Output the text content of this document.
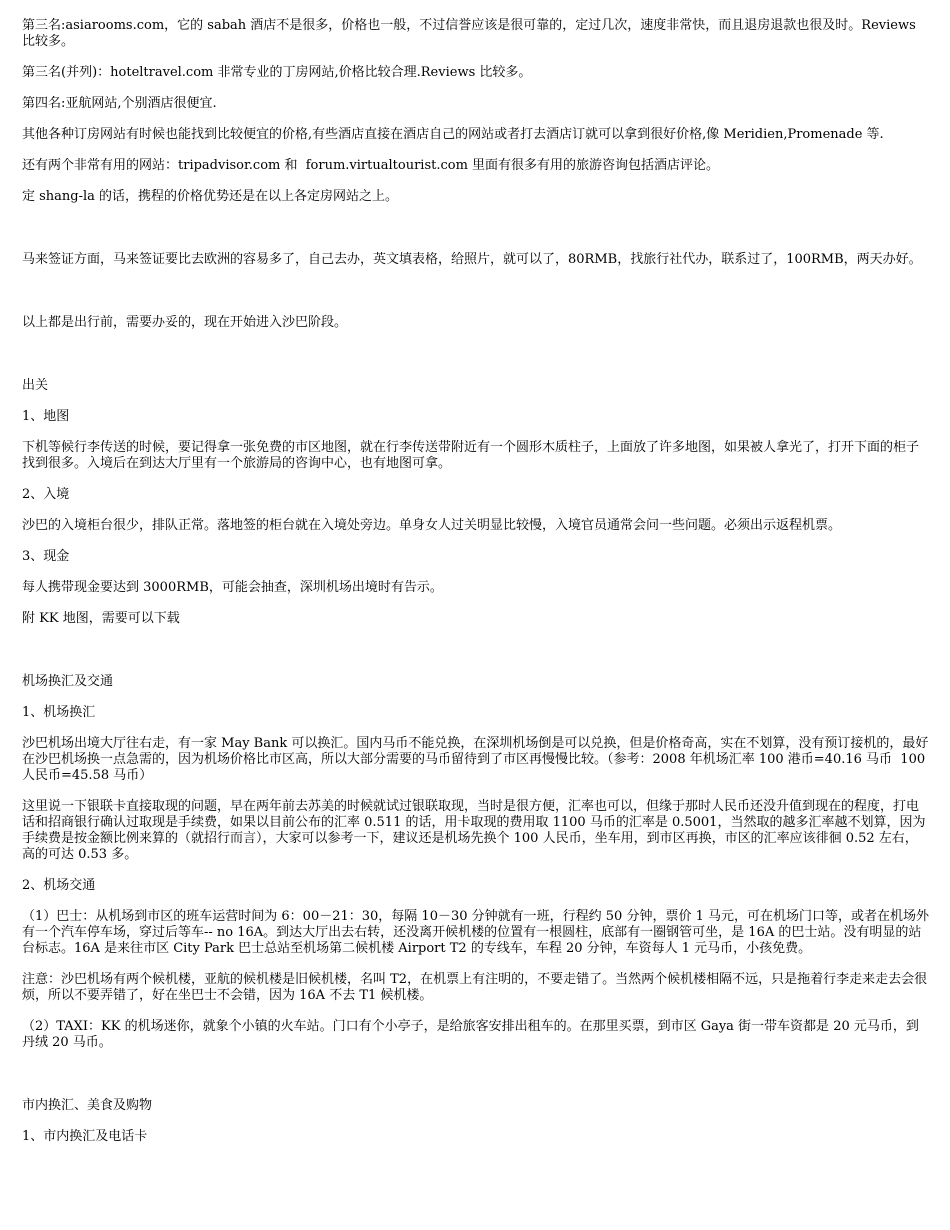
第三名:asiarooms.com，它的 sabah 酒店不是很多，价格也一般，不过信誉应该是很可靠的，定过几次，速度非常快，而且退房退款也很及时。Reviews 比较多。

第三名(并列)：hoteltravel.com 非常专业的丁房网站,价格比较合理.Reviews 比较多。

第四名:亚航网站,个别酒店很便宜.

其他各种订房网站有时候也能找到比较便宜的价格,有些酒店直接在酒店自己的网站或者打去酒店订就可以拿到很好价格,像 Meridien,Promenade 等.

还有两个非常有用的网站：tripadvisor.com 和  forum.virtualtourist.com 里面有很多有用的旅游咨询包括酒店评论。

定 shang-la 的话，携程的价格优势还是在以上各定房网站之上。

马来签证方面，马来签证要比去欧洲的容易多了，自己去办，英文填表格，给照片，就可以了，80RMB，找旅行社代办，联系过了，100RMB，两天办好。

以上都是出行前，需要办妥的，现在开始进入沙巴阶段。

出关

1、地图

下机等候行李传送的时候，要记得拿一张免费的市区地图，就在行李传送带附近有一个圆形木质柱子，上面放了许多地图，如果被人拿光了，打开下面的柜子找到很多。入境后在到达大厅里有一个旅游局的咨询中心，也有地图可拿。

2、入境

沙巴的入境柜台很少，排队正常。落地签的柜台就在入境处旁边。单身女人过关明显比较慢，入境官员通常会问一些问题。必须出示返程机票。

3、现金

每人携带现金要达到 3000RMB，可能会抽查，深圳机场出境时有告示。

附 KK 地图，需要可以下载

机场换汇及交通

1、机场换汇

沙巴机场出境大厅往右走，有一家 May Bank 可以换汇。国内马币不能兑换，在深圳机场倒是可以兑换，但是价格奇高，实在不划算，没有预订接机的，最好在沙巴机场换一点急需的，因为机场价格比市区高，所以大部分需要的马币留待到了市区再慢慢比较。（参考：2008 年机场汇率 100 港币=40.16 马币  100 人民币=45.58 马币）

这里说一下银联卡直接取现的问题，早在两年前去苏美的时候就试过银联取现，当时是很方便，汇率也可以，但缘于那时人民币还没升值到现在的程度，打电话和招商银行确认过取现是手续费，如果以目前公布的汇率 0.511 的话，用卡取现的费用取 1100 马币的汇率是 0.5001，当然取的越多汇率越不划算，因为手续费是按金额比例来算的（就招行而言），大家可以参考一下，建议还是机场先换个 100 人民币，坐车用，到市区再换，市区的汇率应该徘徊 0.52 左右，高的可达 0.53 多。

2、机场交通

（1）巴士：从机场到市区的班车运营时间为 6：00－21：30，每隔 10－30 分钟就有一班，行程约 50 分钟，票价 1 马元，可在机场门口等，或者在机场外有一个汽车停车场，穿过后等车-- no 16A。到达大厅出去右转，还没离开候机楼的位置有一根圆柱，底部有一圈钢管可坐，是 16A 的巴士站。没有明显的站台标志。16A 是来往市区 City Park 巴士总站至机场第二候机楼 Airport T2 的专线车，车程 20 分钟，车资每人 1 元马币，小孩免费。

注意：沙巴机场有两个候机楼，亚航的候机楼是旧候机楼，名叫 T2，在机票上有注明的，不要走错了。当然两个候机楼相隔不远，只是拖着行李走来走去会很烦，所以不要弄错了，好在坐巴士不会错，因为 16A 不去 T1 候机楼。

（2）TAXI：KK 的机场迷你，就象个小镇的火车站。门口有个小亭子，是给旅客安排出租车的。在那里买票，到市区 Gaya 街一带车资都是 20 元马币，到丹绒 20 马币。

市内换汇、美食及购物

1、市内换汇及电话卡
